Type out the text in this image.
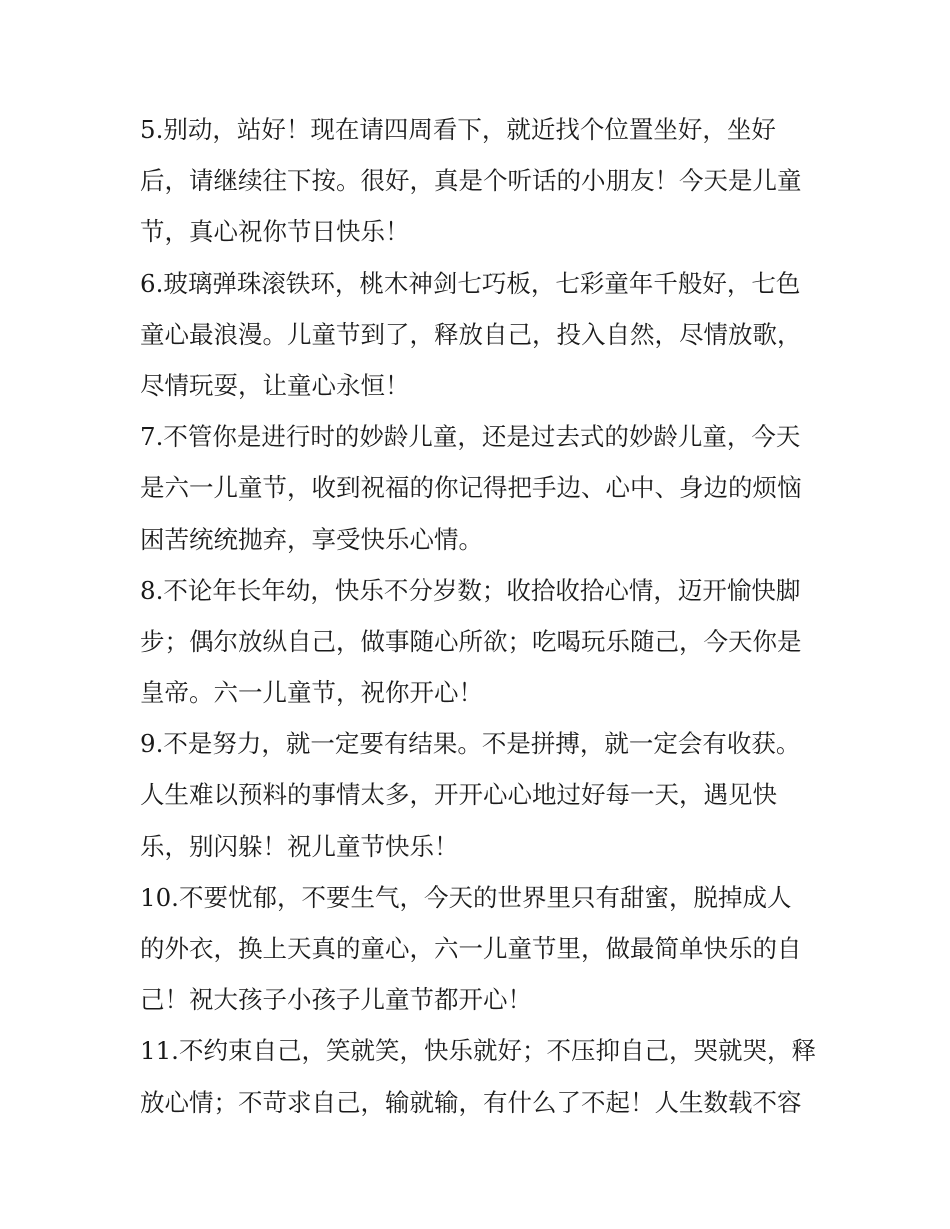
5.别动，站好！现在请四周看下，就近找个位置坐好，坐好
后，请继续往下按。很好，真是个听话的小朋友！今天是儿童
节，真心祝你节日快乐！
6.玻璃弹珠滚铁环，桃木神剑七巧板，七彩童年千般好，七色
童心最浪漫。儿童节到了，释放自己，投入自然，尽情放歌，
尽情玩耍，让童心永恒！
7.不管你是进行时的妙龄儿童，还是过去式的妙龄儿童，今天
是六一儿童节，收到祝福的你记得把手边、心中、身边的烦恼
困苦统统抛弃，享受快乐心情。
8.不论年长年幼，快乐不分岁数；收拾收拾心情，迈开愉快脚
步；偶尔放纵自己，做事随心所欲；吃喝玩乐随己，今天你是
皇帝。六一儿童节，祝你开心！
9.不是努力，就一定要有结果。不是拼搏，就一定会有收获。
人生难以预料的事情太多，开开心心地过好每一天，遇见快
乐，别闪躲！祝儿童节快乐！
10.不要忧郁，不要生气，今天的世界里只有甜蜜，脱掉成人
的外衣，换上天真的童心，六一儿童节里，做最简单快乐的自
己！祝大孩子小孩子儿童节都开心！
11.不约束自己，笑就笑，快乐就好；不压抑自己，哭就哭，释
放心情；不苛求自己，输就输，有什么了不起！人生数载不容
